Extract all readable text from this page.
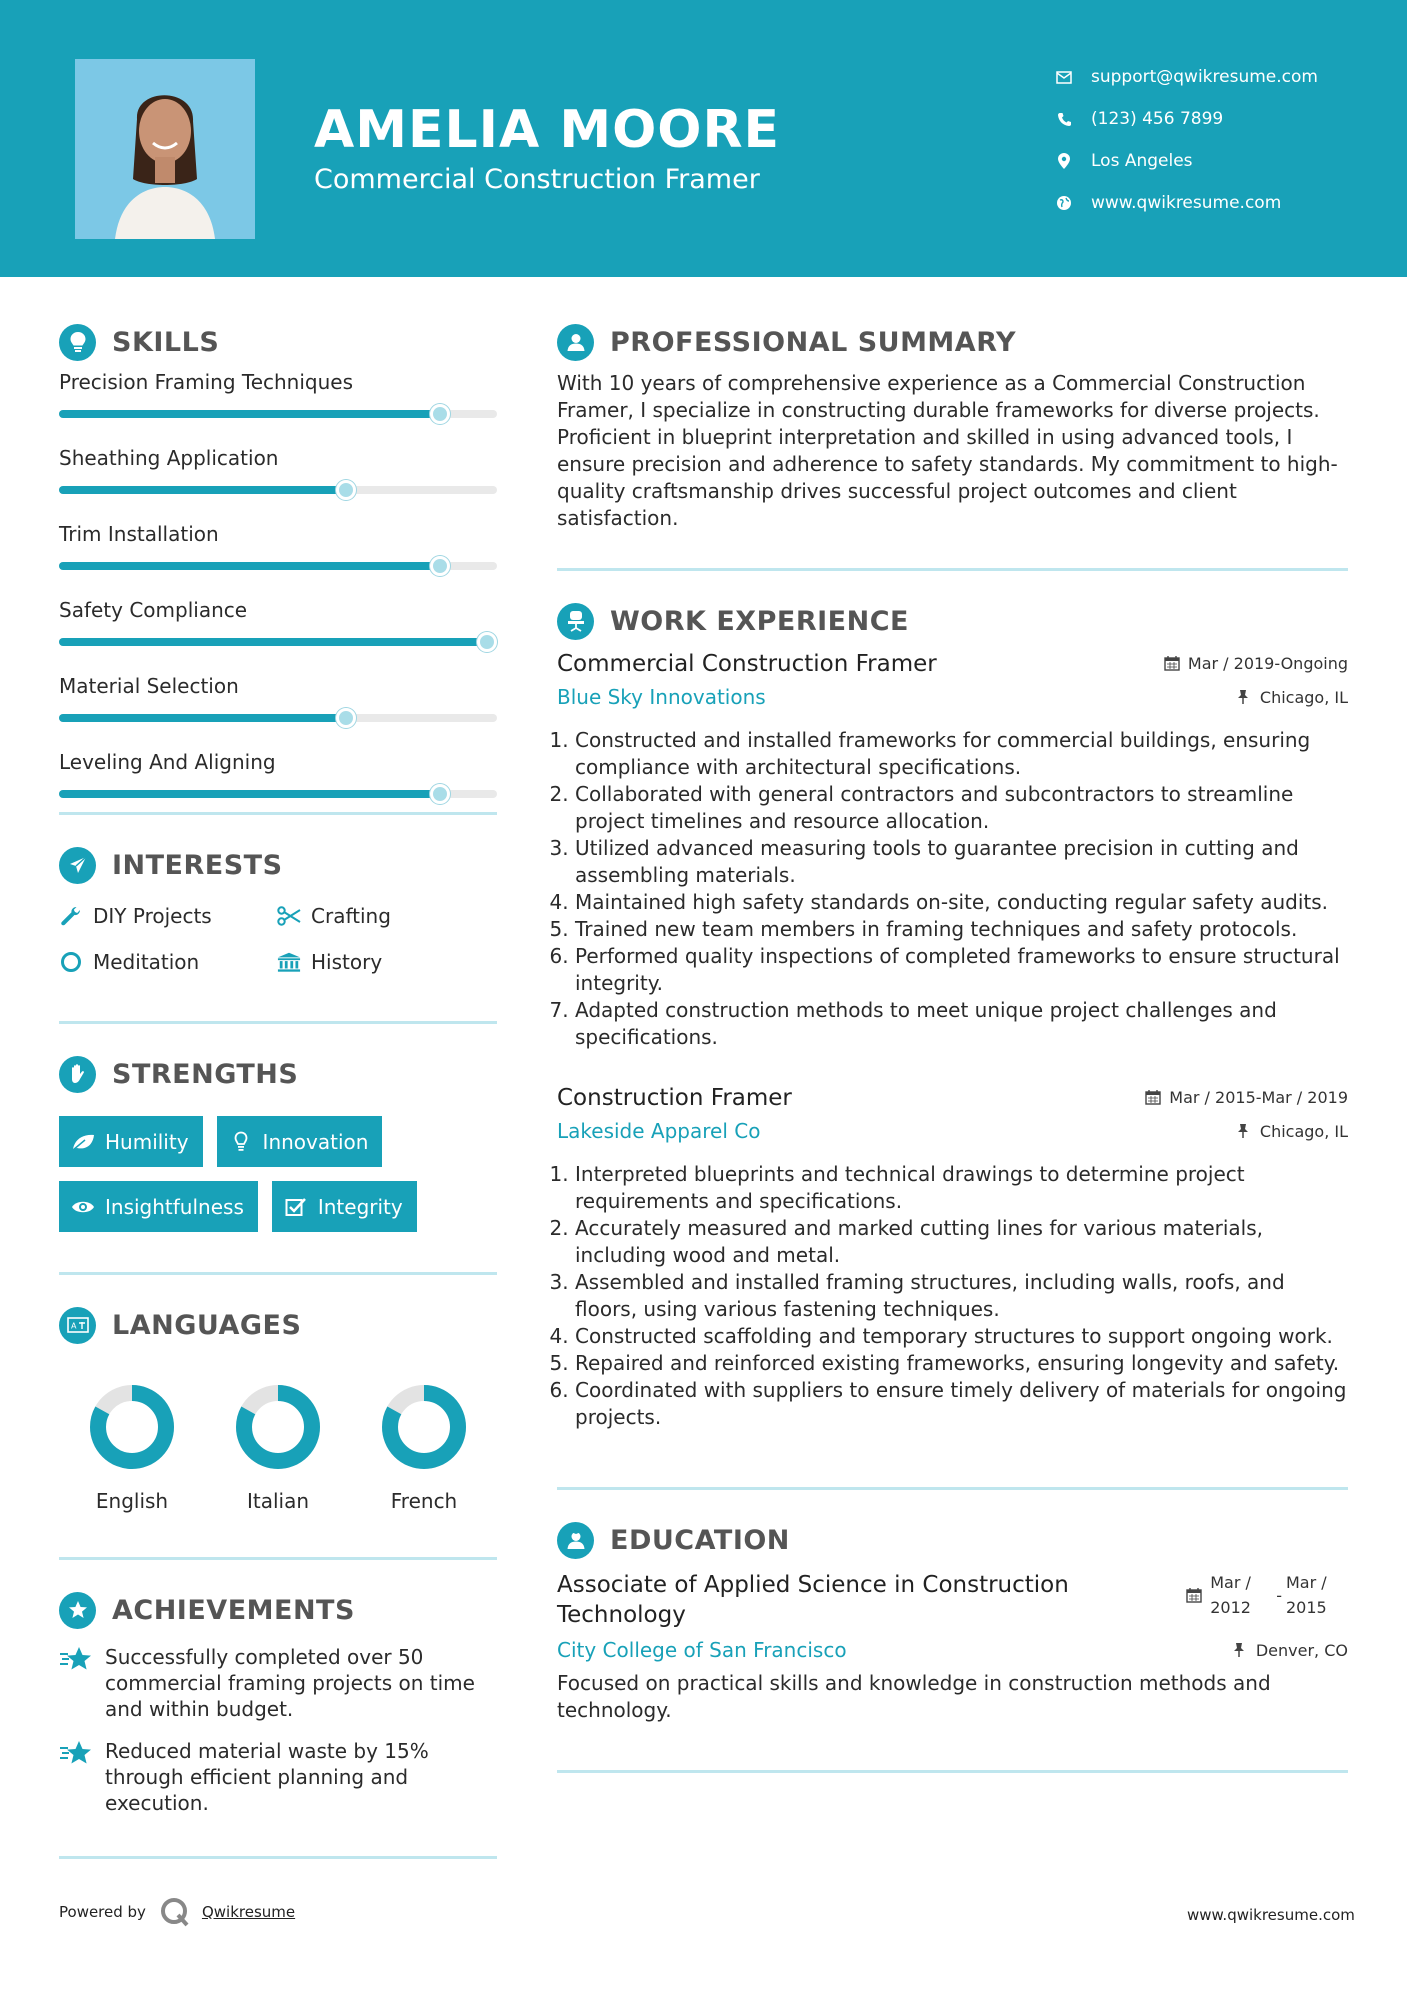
AMELIA MOORE
Commercial Construction Framer
support@qwikresume.com
(123) 456 7899
Los Angeles
www.qwikresume.com
SKILLS
Precision Framing Techniques
Sheathing Application
Trim Installation
Safety Compliance
Material Selection
Leveling And Aligning
INTERESTS
DIY Projects	Crafting
Meditation	History
STRENGTHS
Humility	Innovation
Insightfulness	Integrity
A LANGUAGES
English	Italian	French
ACHIEVEMENTS
Successfully completed over 50 commercial framing projects on time and within budget.
Reduced material waste by 15% through efficient planning and execution.
PROFESSIONAL SUMMARY

With 10 years of comprehensive experience as a Commercial Construction Framer, I specialize in constructing durable frameworks for diverse projects. Proficient in blueprint interpretation and skilled in using advanced tools, I ensure precision and adherence to safety standards. My commitment to high-quality craftsmanship drives successful project outcomes and client satisfaction.

WORK EXPERIENCE
Commercial Construction Framer	Mar / 2019-Ongoing
Blue Sky Innovations	Chicago, IL
1. Constructed and installed frameworks for commercial buildings, ensuring compliance with architectural specifications.
2. Collaborated with general contractors and subcontractors to streamline project timelines and resource allocation.
3. Utilized advanced measuring tools to guarantee precision in cutting and assembling materials.
4. Maintained high safety standards on-site, conducting regular safety audits.
5. Trained new team members in framing techniques and safety protocols.
6. Performed quality inspections of completed frameworks to ensure structural integrity.
7. Adapted construction methods to meet unique project challenges and specifications.
Construction Framer	Mar / 2015-Mar / 2019
Lakeside Apparel Co	Chicago, IL
1. Interpreted blueprints and technical drawings to determine project requirements and specifications.
2. Accurately measured and marked cutting lines for various materials, including wood and metal.
3. Assembled and installed framing structures, including walls, roofs, and floors, using various fastening techniques.
4. Constructed scaffolding and temporary structures to support ongoing work.
5. Repaired and reinforced existing frameworks, ensuring longevity and safety.
6. Coordinated with suppliers to ensure timely delivery of materials for ongoing projects.
EDUCATION
Associate of Applied Science in Construction Technology
Mar / 2012
-
Mar / 2015
City College of San Francisco	Denver, CO

Focused on practical skills and knowledge in construction methods and technology.

Powered by	Qwikresume	www.qwikresume.com
